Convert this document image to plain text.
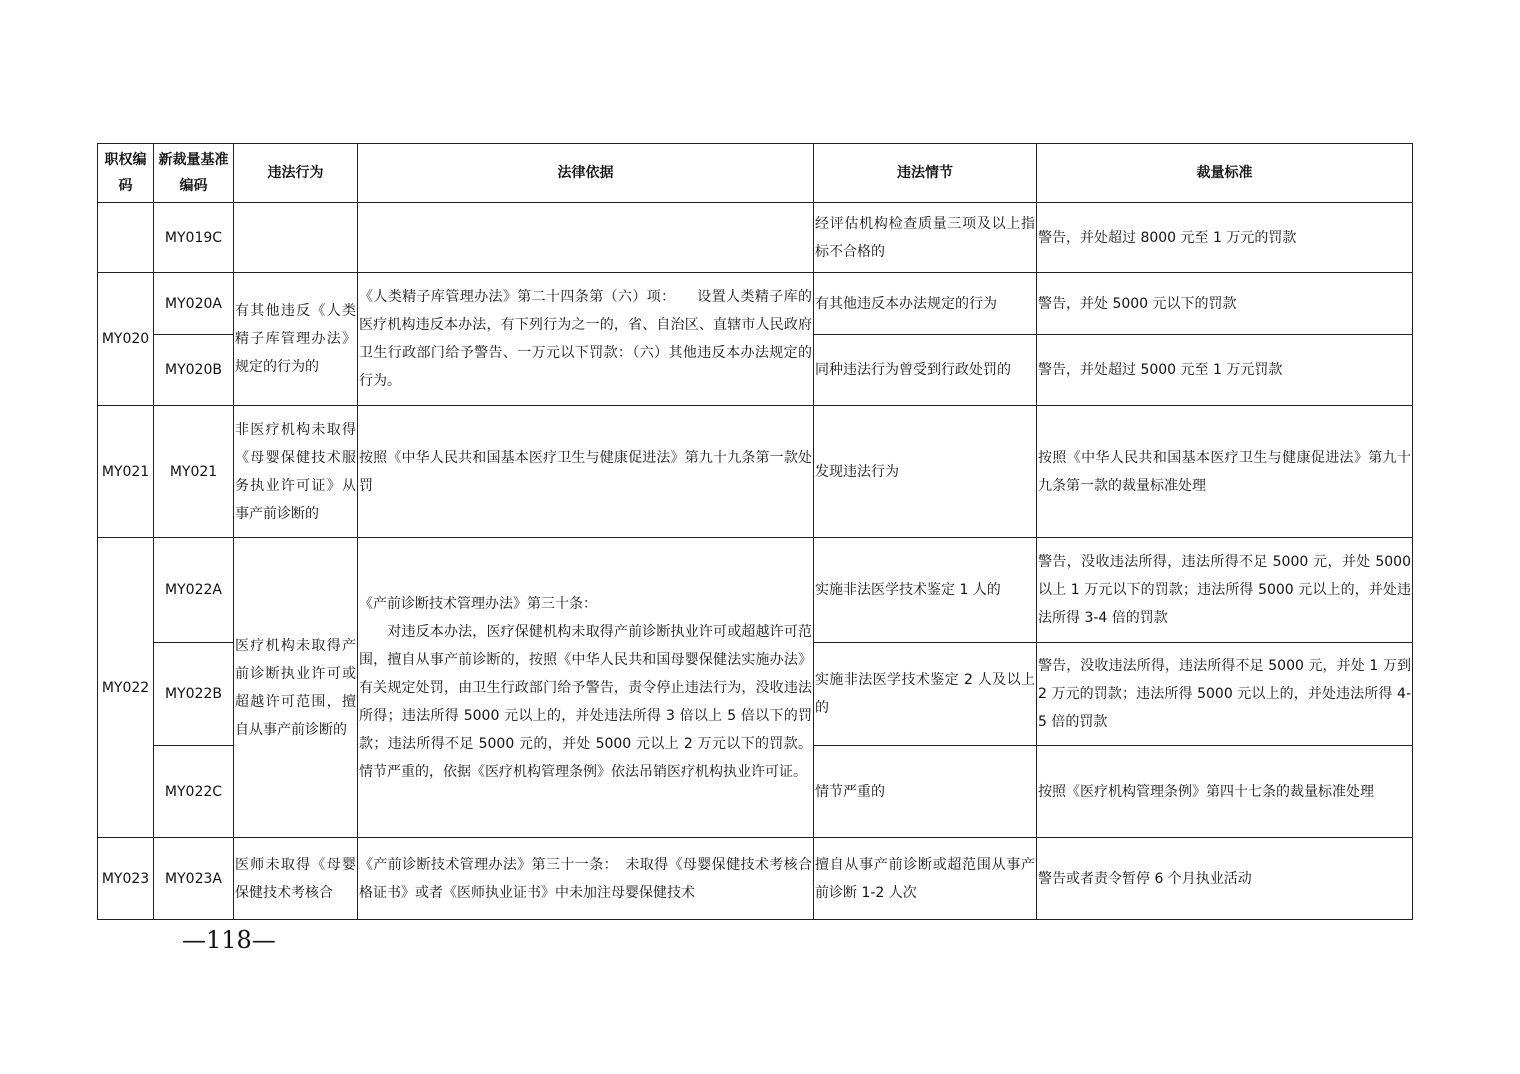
职权编码	新裁量基准编码	违法行为	法律依据	违法情节	裁量标准
	MY019C			经评估机构检查质量三项及以上指标不合格的	警告，并处超过 8000 元至 1 万元的罚款
MY020	MY020A	有其他违反《人类精子库管理办法》规定的行为的	《人类精子库管理办法》第二十四条第（六）项：　　设置人类精子库的医疗机构违反本办法，有下列行为之一的，省、自治区、直辖市人民政府卫生行政部门给予警告、一万元以下罚款：（六）其他违反本办法规定的行为。	有其他违反本办法规定的行为	警告，并处 5000 元以下的罚款
	MY020B			同种违法行为曾受到行政处罚的	警告，并处超过 5000 元至 1 万元罚款
MY021	MY021	非医疗机构未取得《母婴保健技术服务执业许可证》从事产前诊断的	按照《中华人民共和国基本医疗卫生与健康促进法》第九十九条第一款处罚	发现违法行为	按照《中华人民共和国基本医疗卫生与健康促进法》第九十九条第一款的裁量标准处理
MY022	MY022A	医疗机构未取得产前诊断执业许可或超越许可范围，擅自从事产前诊断的	《产前诊断技术管理办法》第三十条：
　　对违反本办法，医疗保健机构未取得产前诊断执业许可或超越许可范围，擅自从事产前诊断的，按照《中华人民共和国母婴保健法实施办法》有关规定处罚，由卫生行政部门给予警告，责令停止违法行为，没收违法所得；违法所得 5000 元以上的，并处违法所得 3 倍以上 5 倍以下的罚款；违法所得不足 5000 元的，并处 5000 元以上 2 万元以下的罚款。情节严重的，依据《医疗机构管理条例》依法吊销医疗机构执业许可证。	实施非法医学技术鉴定 1 人的	警告，没收违法所得，违法所得不足 5000 元，并处 5000 以上 1 万元以下的罚款；违法所得 5000 元以上的，并处违法所得 3-4 倍的罚款
	MY022B			实施非法医学技术鉴定 2 人及以上的	警告，没收违法所得，违法所得不足 5000 元，并处 1 万到 2 万元的罚款；违法所得 5000 元以上的，并处违法所得 4-5 倍的罚款
	MY022C			情节严重的	按照《医疗机构管理条例》第四十七条的裁量标准处理
MY023	MY023A	医师未取得《母婴保健技术考核合	《产前诊断技术管理办法》第三十一条：　未取得《母婴保健技术考核合格证书》或者《医师执业证书》中未加注母婴保健技术	擅自从事产前诊断或超范围从事产前诊断 1-2 人次	警告或者责令暂停 6 个月执业活动
—118—
